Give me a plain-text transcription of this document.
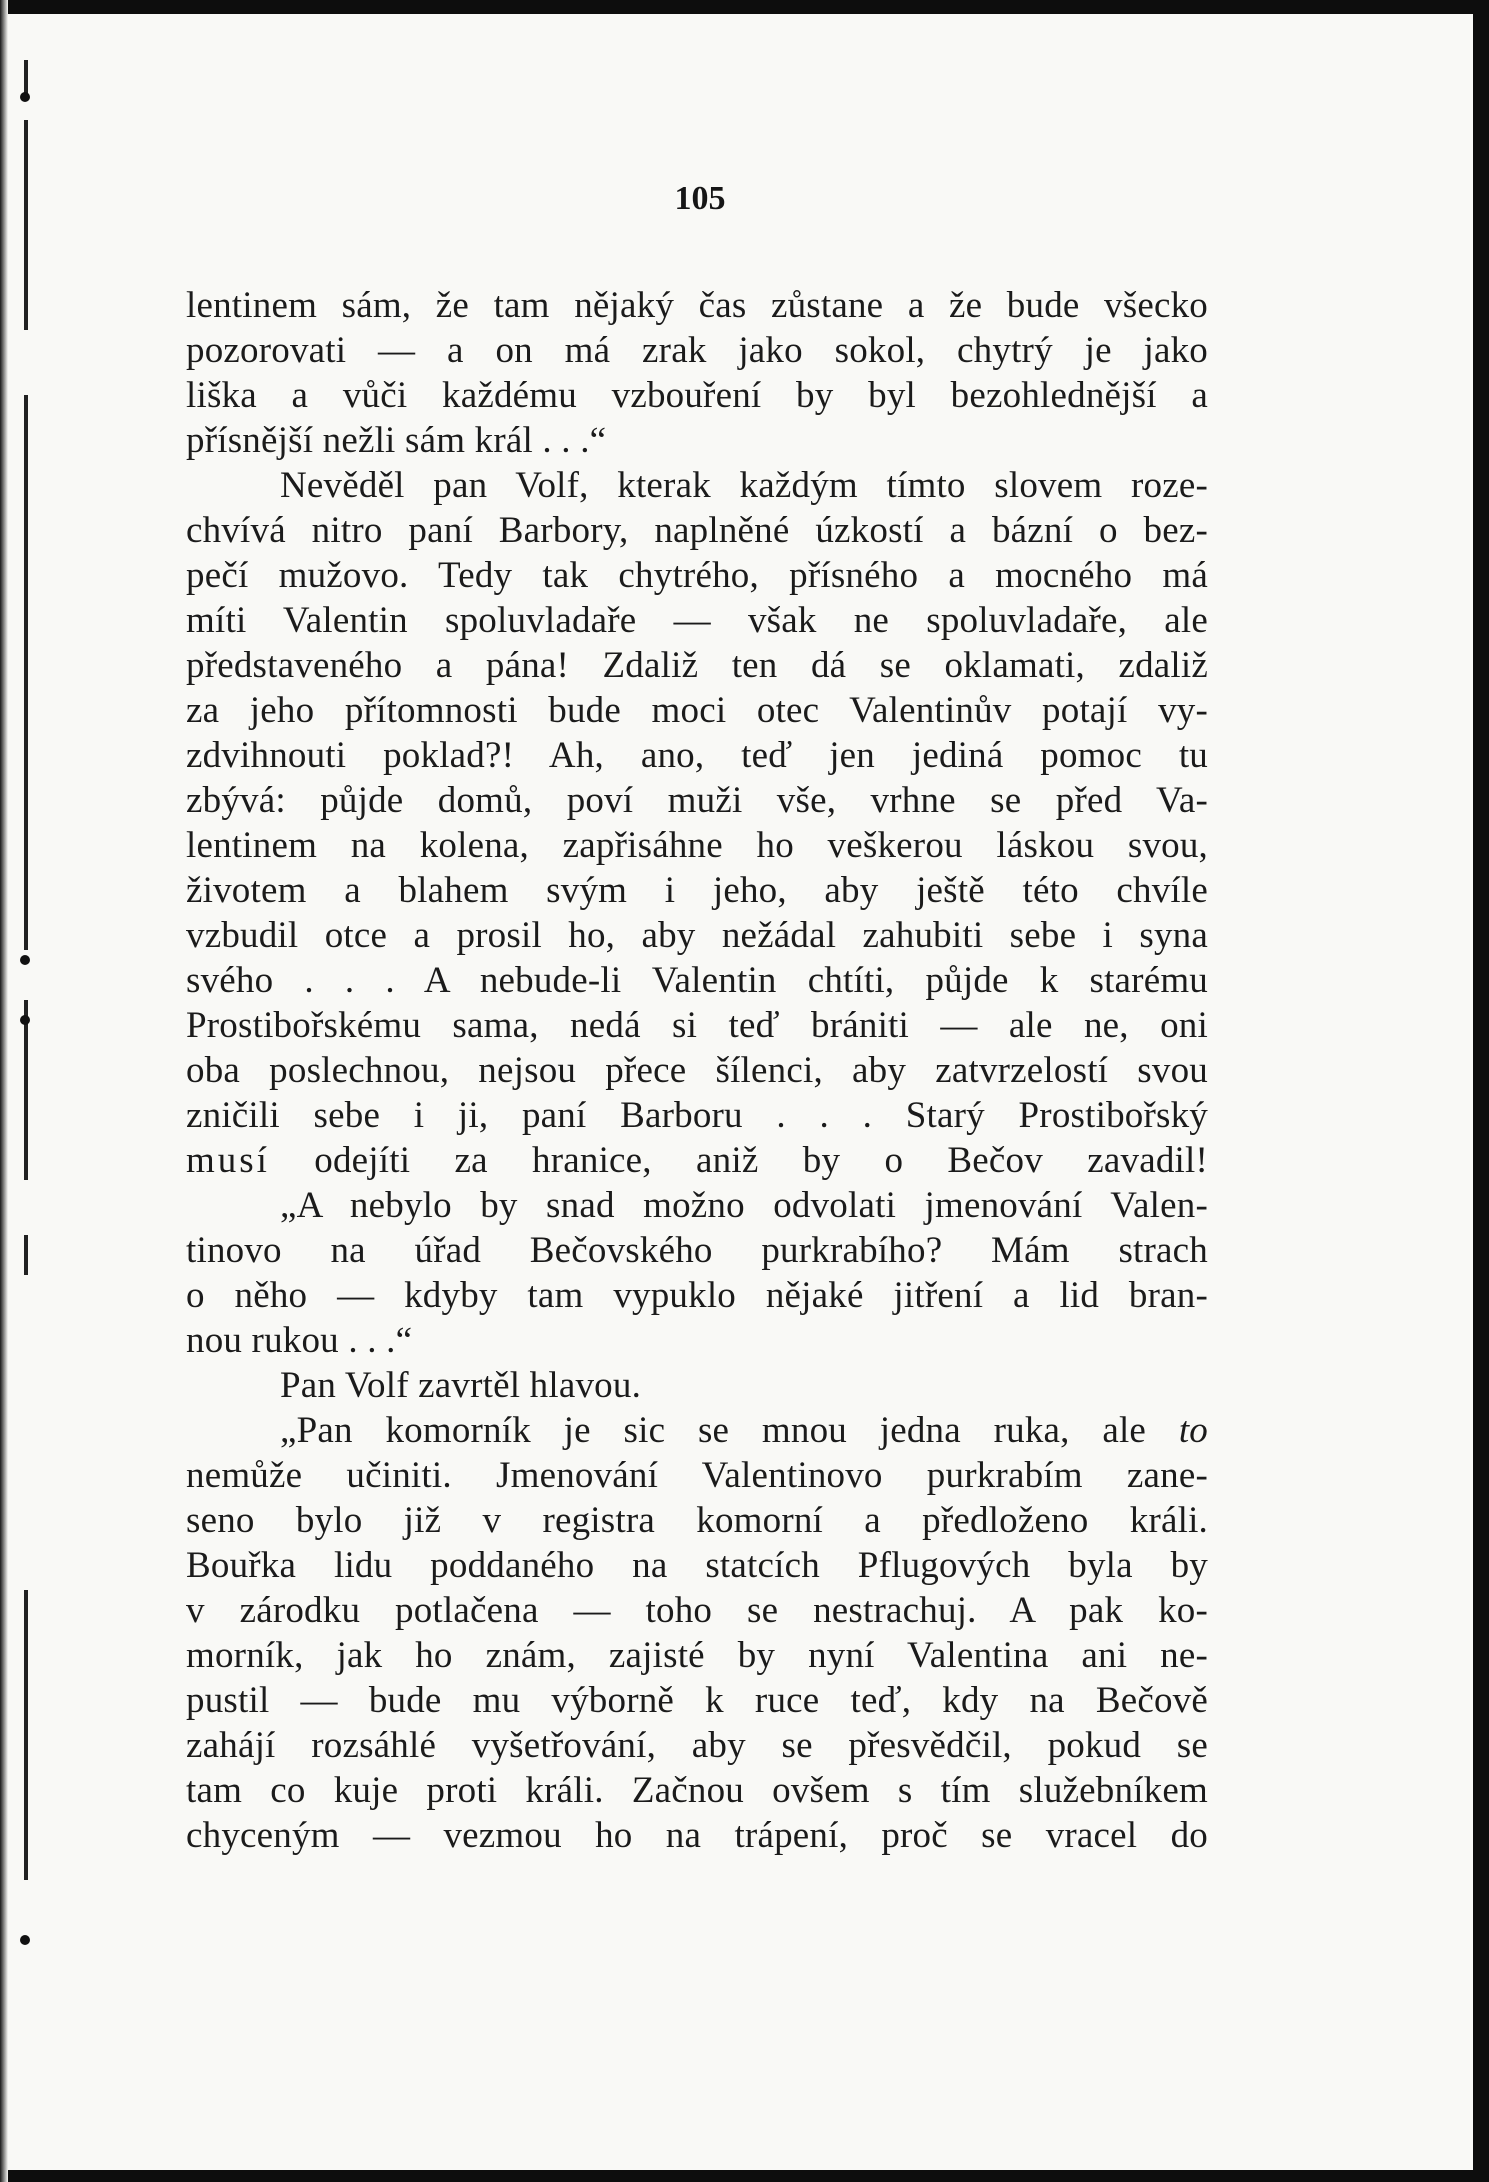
105
lentinem sám, že tam nějaký čas zůstane a že bude všecko
pozorovati — a on má zrak jako sokol, chytrý je jako
liška a vůči každému vzbouření by byl bezohlednější a
přísnější nežli sám král . . .“
Nevěděl pan Volf, kterak každým tímto slovem roze-
chvívá nitro paní Barbory, naplněné úzkostí a bázní o bez-
pečí mužovo. Tedy tak chytrého, přísného a mocného má
míti Valentin spoluvladaře — však ne spoluvladaře, ale
představeného a pána! Zdaliž ten dá se oklamati, zdaliž
za jeho přítomnosti bude moci otec Valentinův potají vy-
zdvihnouti poklad?! Ah, ano, teď jen jediná pomoc tu
zbývá: půjde domů, poví muži vše, vrhne se před Va-
lentinem na kolena, zapřisáhne ho veškerou láskou svou,
životem a blahem svým i jeho, aby ještě této chvíle
vzbudil otce a prosil ho, aby nežádal zahubiti sebe i syna
svého . . . A nebude-li Valentin chtíti, půjde k starému
Prostibořskému sama, nedá si teď brániti — ale ne, oni
oba poslechnou, nejsou přece šílenci, aby zatvrzelostí svou
zničili sebe i ji, paní Barboru . . . Starý Prostibořský
musí odejíti za hranice, aniž by o Bečov zavadil!
„A nebylo by snad možno odvolati jmenování Valen-
tinovo na úřad Bečovského purkrabího? Mám strach
o něho — kdyby tam vypuklo nějaké jitření a lid bran-
nou rukou . . .“
Pan Volf zavrtěl hlavou.
„Pan komorník je sic se mnou jedna ruka, ale to
nemůže učiniti. Jmenování Valentinovo purkrabím zane-
seno bylo již v registra komorní a předloženo králi.
Bouřka lidu poddaného na statcích Pflugových byla by
v zárodku potlačena — toho se nestrachuj. A pak ko-
morník, jak ho znám, zajisté by nyní Valentina ani ne-
pustil — bude mu výborně k ruce teď, kdy na Bečově
zahájí rozsáhlé vyšetřování, aby se přesvědčil, pokud se
tam co kuje proti králi. Začnou ovšem s tím služebníkem
chyceným — vezmou ho na trápení, proč se vracel do
